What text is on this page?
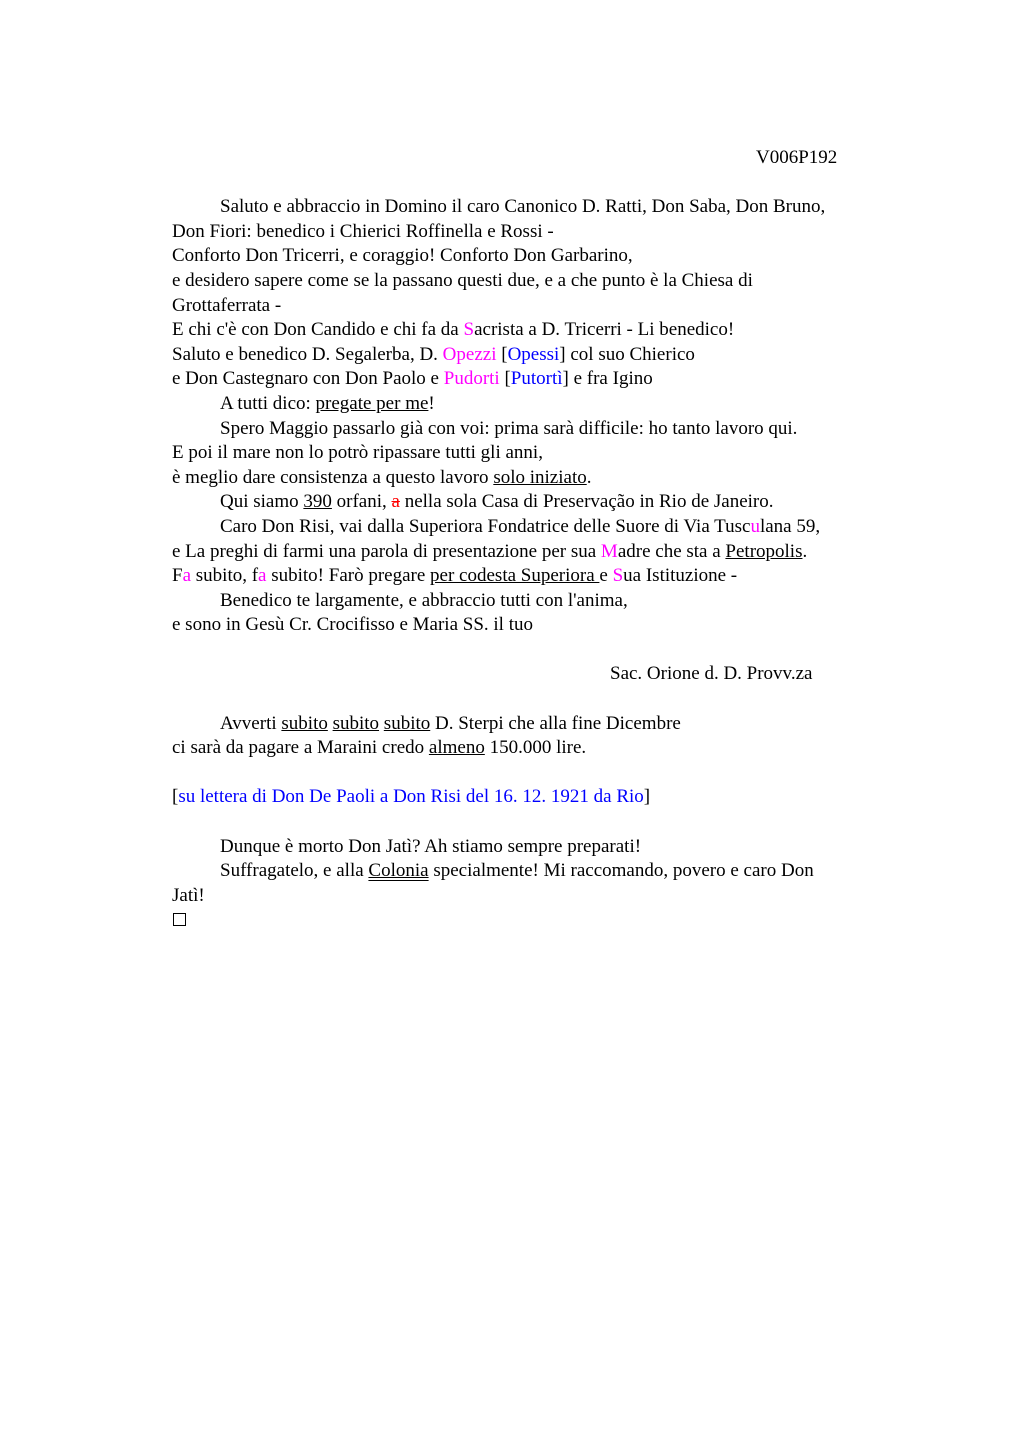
V006P192
Saluto e abbraccio in Domino il caro Canonico D. Ratti, Don Saba, Don Bruno,
Don Fiori: benedico i Chierici Roffinella e Rossi -
Conforto Don Tricerri, e coraggio! Conforto Don Garbarino,
e desidero sapere come se la passano questi due, e a che punto è la Chiesa di
Grottaferrata -
E chi c'è con Don Candido e chi fa da Sacrista a D. Tricerri - Li benedico!
Saluto e benedico D. Segalerba, D. Opezzi [Opessi] col suo Chierico
e Don Castegnaro con Don Paolo e Pudorti [Putortì] e fra Igino
A tutti dico: pregate per me!
Spero Maggio passarlo già con voi: prima sarà difficile: ho tanto lavoro qui.
E poi il mare non lo potrò ripassare tutti gli anni,
è meglio dare consistenza a questo lavoro solo iniziato.
Qui siamo 390 orfani, a nella sola Casa di Preservação in Rio de Janeiro.
Caro Don Risi, vai dalla Superiora Fondatrice delle Suore di Via Tusculana 59,
e La preghi di farmi una parola di presentazione per sua Madre che sta a Petropolis.
Fa subito, fa subito! Farò pregare per codesta Superiora e Sua Istituzione -
Benedico te largamente, e abbraccio tutti con l'anima,
e sono in Gesù Cr. Crocifisso e Maria SS. il tuo
Sac. Orione d. D. Provv.za
Avverti subito subito subito D. Sterpi che alla fine Dicembre
ci sarà da pagare a Maraini credo almeno 150.000 lire.
[su lettera di Don De Paoli a Don Risi del 16. 12. 1921 da Rio]
Dunque è morto Don Jatì? Ah stiamo sempre preparati!
Suffragatelo, e alla Colonia specialmente! Mi raccomando, povero e caro Don
Jatì!
